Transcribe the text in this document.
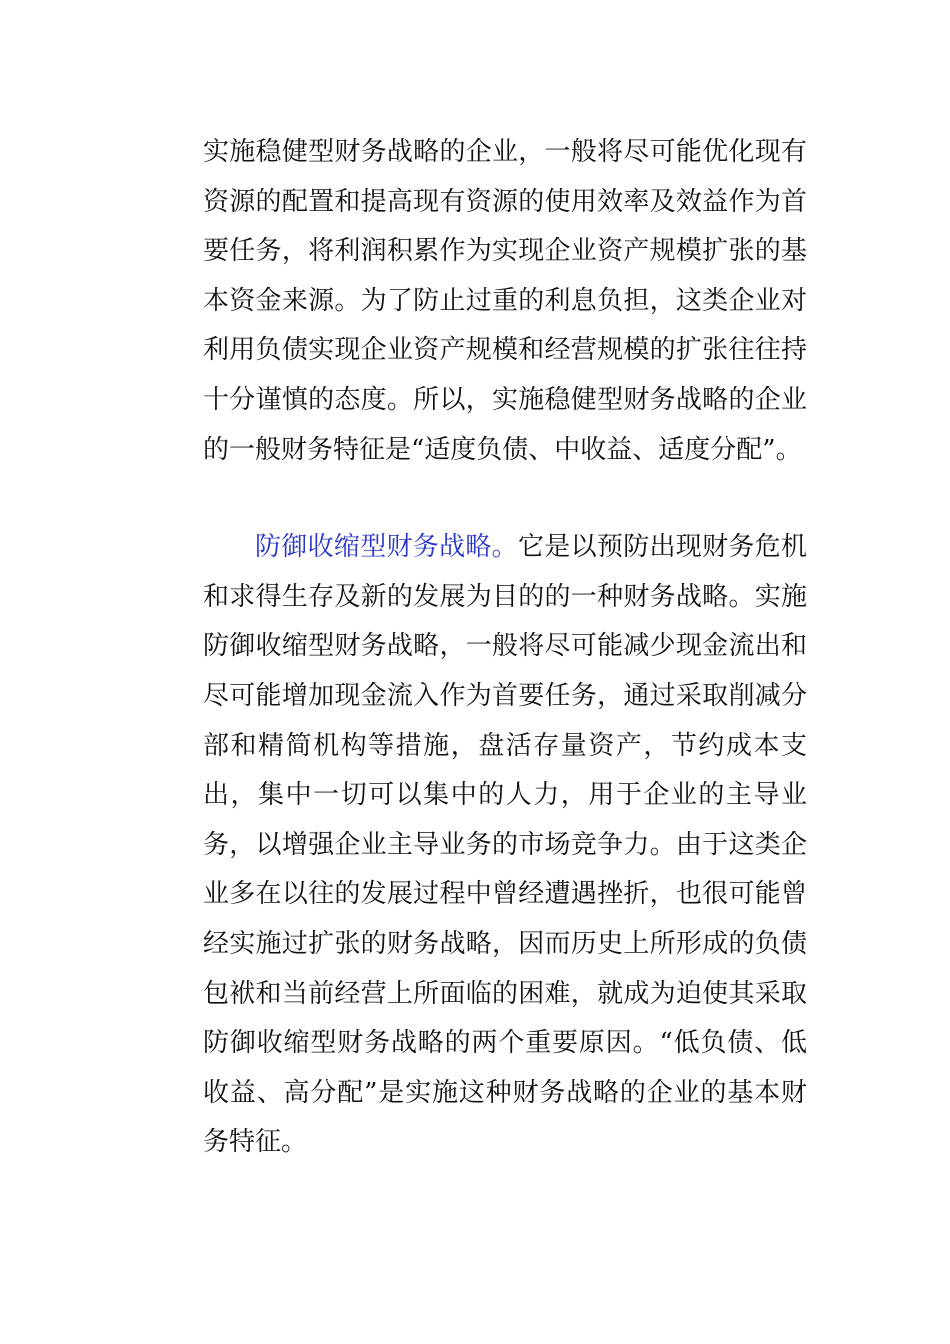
实施稳健型财务战略的企业，一般将尽可能优化现有资源的配置和提高现有资源的使用效率及效益作为首要任务，将利润积累作为实现企业资产规模扩张的基本资金来源。为了防止过重的利息负担，这类企业对利用负债实现企业资产规模和经营规模的扩张往往持十分谨慎的态度。所以，实施稳健型财务战略的企业的一般财务特征是“适度负债、中收益、适度分配”。

防御收缩型财务战略。它是以预防出现财务危机和求得生存及新的发展为目的的一种财务战略。实施防御收缩型财务战略，一般将尽可能减少现金流出和尽可能增加现金流入作为首要任务，通过采取削减分部和精简机构等措施，盘活存量资产，节约成本支出，集中一切可以集中的人力，用于企业的主导业务，以增强企业主导业务的市场竞争力。由于这类企业多在以往的发展过程中曾经遭遇挫折，也很可能曾经实施过扩张的财务战略，因而历史上所形成的负债包袱和当前经营上所面临的困难，就成为迫使其采取防御收缩型财务战略的两个重要原因。“低负债、低收益、高分配”是实施这种财务战略的企业的基本财务特征。
